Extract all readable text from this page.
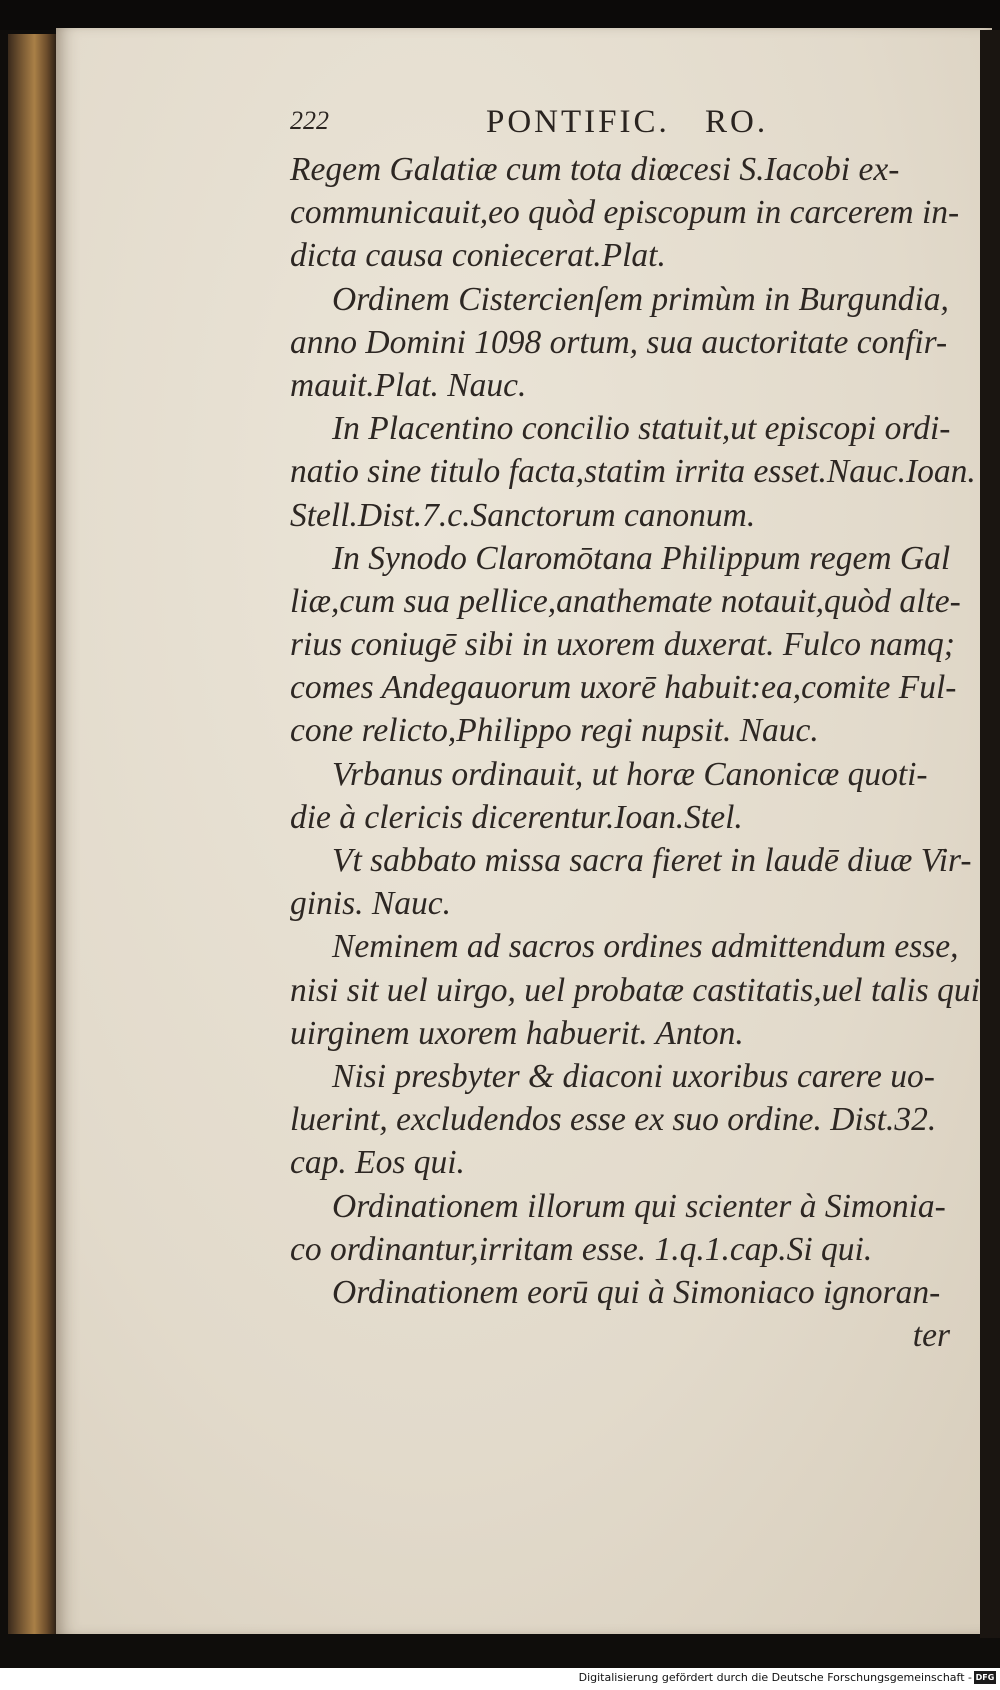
222	PONTIFIC. RO.
Regem Galatiæ cum tota diœcesi S.Iacobi ex-
communicauit,eo quòd episcopum in carcerem in-
dicta causa coniecerat.Plat.
Ordinem Cistercienſem primùm in Burgundia,
anno Domini 1098 ortum, sua auctoritate confir-
mauit.Plat. Nauc.
In Placentino concilio statuit,ut episcopi ordi-
natio sine titulo facta,statim irrita esset.Nauc.Ioan.
Stell.Dist.7.c.Sanctorum canonum.
In Synodo Claromōtana Philippum regem Gal
liæ,cum sua pellice,anathemate notauit,quòd alte-
rius coniugē sibi in uxorem duxerat. Fulco namq;
comes Andegauorum uxorē habuit:ea,comite Ful-
cone relicto,Philippo regi nupsit. Nauc.
Vrbanus ordinauit, ut horæ Canonicæ quoti-
die à clericis dicerentur.Ioan.Stel.
Vt sabbato missa sacra fieret in laudē diuæ Vir-
ginis. Nauc.
Neminem ad sacros ordines admittendum esse,
nisi sit uel uirgo, uel probatæ castitatis,uel talis qui
uirginem uxorem habuerit. Anton.
Nisi presbyter & diaconi uxoribus carere uo-
luerint, excludendos esse ex suo ordine. Dist.32.
cap. Eos qui.
Ordinationem illorum qui scienter à Simonia-
co ordinantur,irritam esse. 1.q.1.cap.Si qui.
Ordinationem eorū qui à Simoniaco ignoran-
ter
Digitalisierung gefördert durch die Deutsche Forschungsgemeinschaft - DFG
